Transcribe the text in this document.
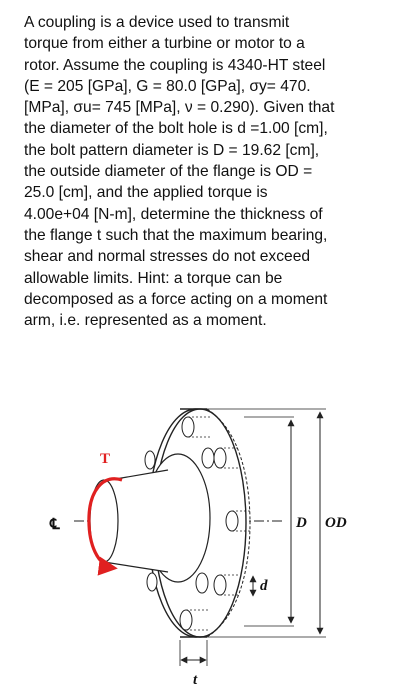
A coupling is a device used to transmit
torque from either a turbine or motor to a
rotor. Assume the coupling is 4340-HT steel
(E = 205 [GPa], G = 80.0 [GPa], σy= 470.
[MPa], σu= 745 [MPa], ν = 0.290). Given that
the diameter of the bolt hole is d =1.00 [cm],
the bolt pattern diameter is D = 19.62 [cm],
the outside diameter of the flange is OD =
25.0 [cm], and the applied torque is
4.00e+04 [N-m], determine the thickness of
the flange t such that the maximum bearing,
shear and normal stresses do not exceed
allowable limits. Hint: a torque can be
decomposed as a force acting on a moment
arm, i.e. represented as a moment.
T
℄	D OD
d
t
